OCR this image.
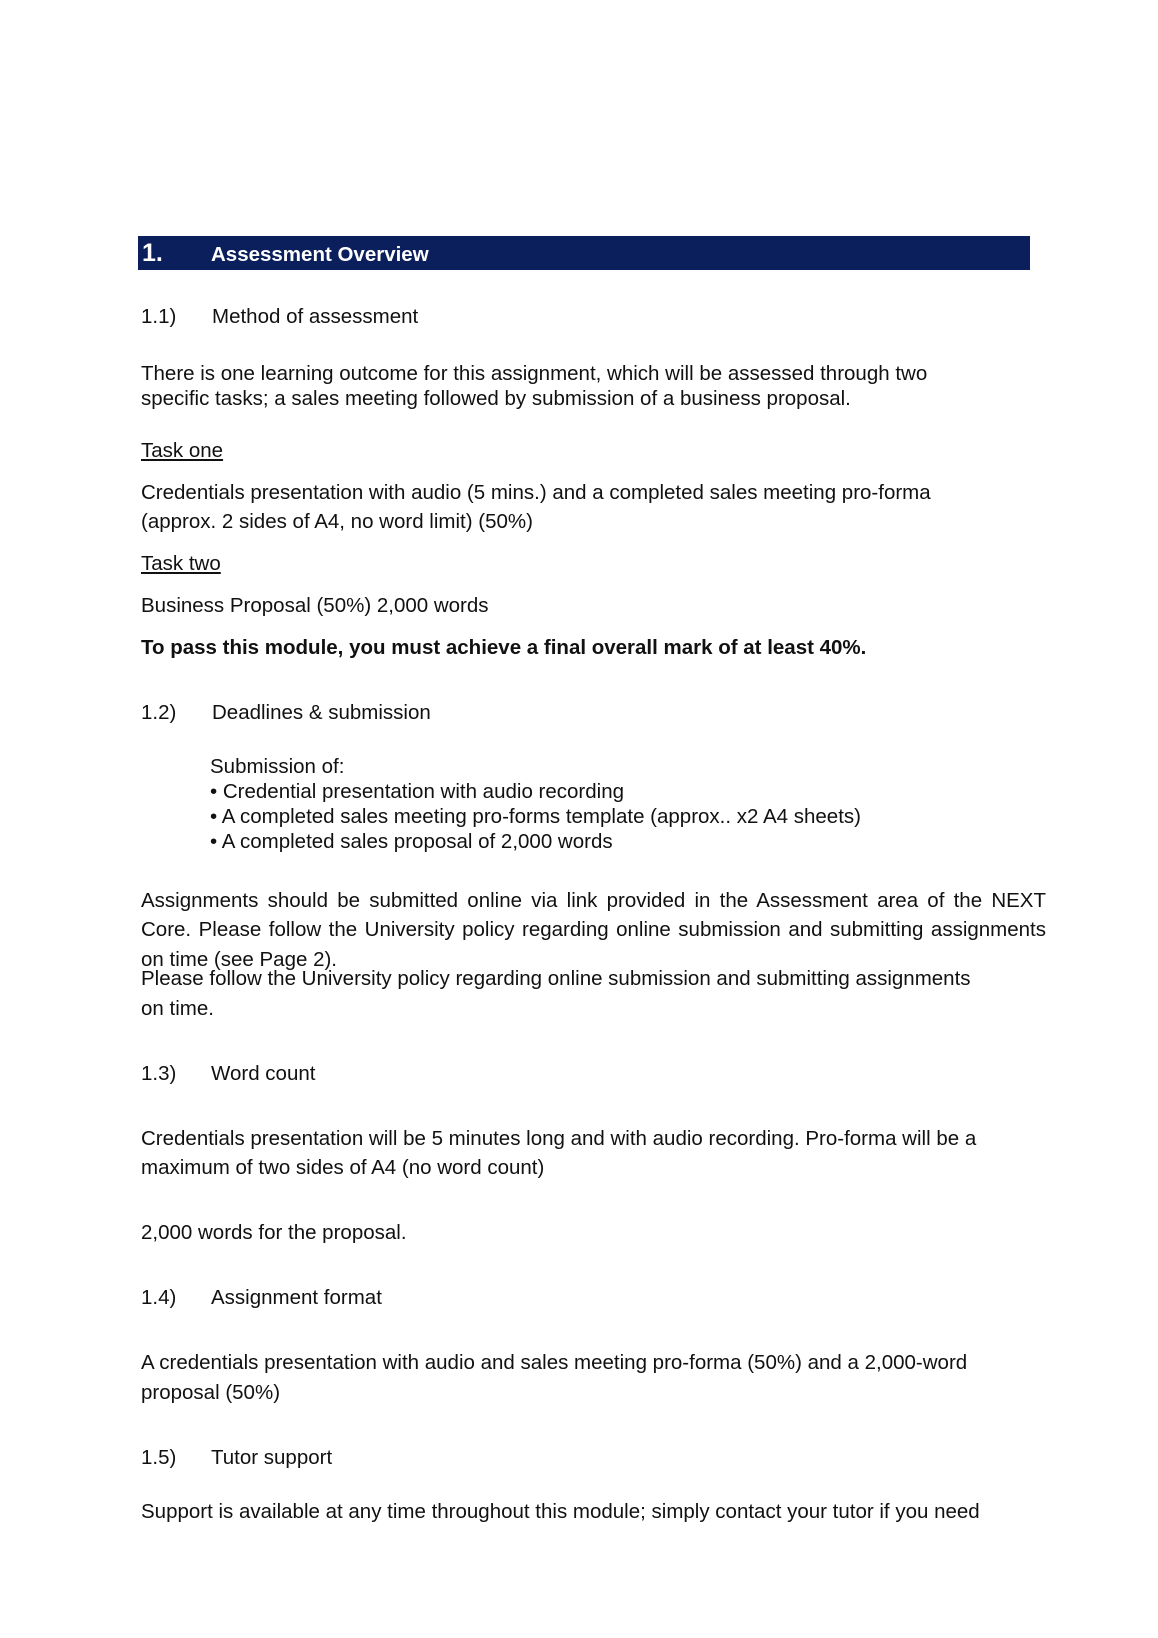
1. Assessment Overview
1.1) Method of assessment

There is one learning outcome for this assignment, which will be assessed through two

specific tasks; a sales meeting followed by submission of a business proposal.

Task one

Credentials presentation with audio (5 mins.) and a completed sales meeting pro-forma

(approx. 2 sides of A4, no word limit) (50%)

Task two

Business Proposal (50%) 2,000 words

To pass this module, you must achieve a final overall mark of at least 40%.

1.2) Deadlines & submission
Submission of:
• Credential presentation with audio recording
• A completed sales meeting pro-forms template (approx.. x2 A4 sheets)
• A completed sales proposal of 2,000 words

Assignments should be submitted online via link provided in the Assessment area of the NEXT Core. Please follow the University policy regarding online submission and submitting assignments on time (see Page 2).

Please follow the University policy regarding online submission and submitting assignments

on time.

1.3) Word count

Credentials presentation will be 5 minutes long and with audio recording. Pro-forma will be a

maximum of two sides of A4 (no word count)

2,000 words for the proposal.

1.4) Assignment format

A credentials presentation with audio and sales meeting pro-forma (50%) and a 2,000-word

proposal (50%)

1.5) Tutor support

Support is available at any time throughout this module; simply contact your tutor if you need
